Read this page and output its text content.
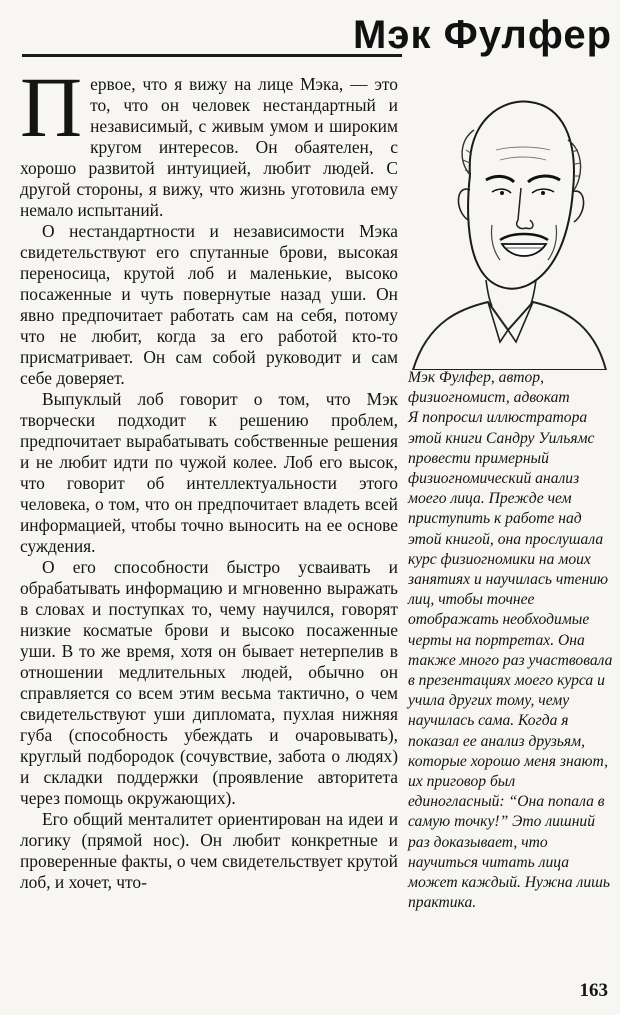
Мэк Фулфер

Первое, что я вижу на лице Мэка, — это то, что он человек нестандартный и независимый, с живым умом и широким кругом интересов. Он обаятелен, с хорошо развитой интуицией, любит людей. С другой стороны, я вижу, что жизнь уготовила ему немало испытаний.

О нестандартности и независимости Мэка свидетельствуют его спутанные брови, высокая переносица, крутой лоб и маленькие, высоко посаженные и чуть повернутые назад уши. Он явно предпочитает работать сам на себя, потому что не любит, когда за его работой кто-то присматривает. Он сам собой руководит и сам себе доверяет.

Выпуклый лоб говорит о том, что Мэк творчески подходит к решению проблем, предпочитает вырабатывать собственные решения и не любит идти по чужой колее. Лоб его высок, что говорит об интеллектуальности этого человека, о том, что он предпочитает владеть всей информацией, чтобы точно выносить на ее основе суждения.

О его способности быстро усваивать и обрабатывать информацию и мгновенно выражать в словах и поступках то, чему научился, говорят низкие косматые брови и высоко посаженные уши. В то же время, хотя он бывает нетерпелив в отношении медлительных людей, обычно он справляется со всем этим весьма тактично, о чем свидетельствуют уши дипломата, пухлая нижняя губа (способность убеждать и очаровывать), круглый подбородок (сочувствие, забота о людях) и складки поддержки (проявление авторитета через помощь окружающих).

Его общий менталитет ориентирован на идеи и логику (прямой нос). Он любит конкретные и проверенные факты, о чем свидетельствует крутой лоб, и хочет, что-

Мэк Фулфер, автор, физиогномист, адвокат
Я попросил иллюстратора этой книги Сандру Уильямс провести примерный физиогномический анализ моего лица. Прежде чем приступить к работе над этой книгой, она прослушала курс физиогномики на моих занятиях и научилась чтению лиц, чтобы точнее отображать необходимые черты на портретах. Она также много раз участвовала в презентациях моего курса и учила других тому, чему научилась сама. Когда я показал ее анализ друзьям, которые хорошо меня знают, их приговор был единогласный: “Она попала в самую точку!” Это лишний раз доказывает, что научиться читать лица может каждый. Нужна лишь практика.

163
